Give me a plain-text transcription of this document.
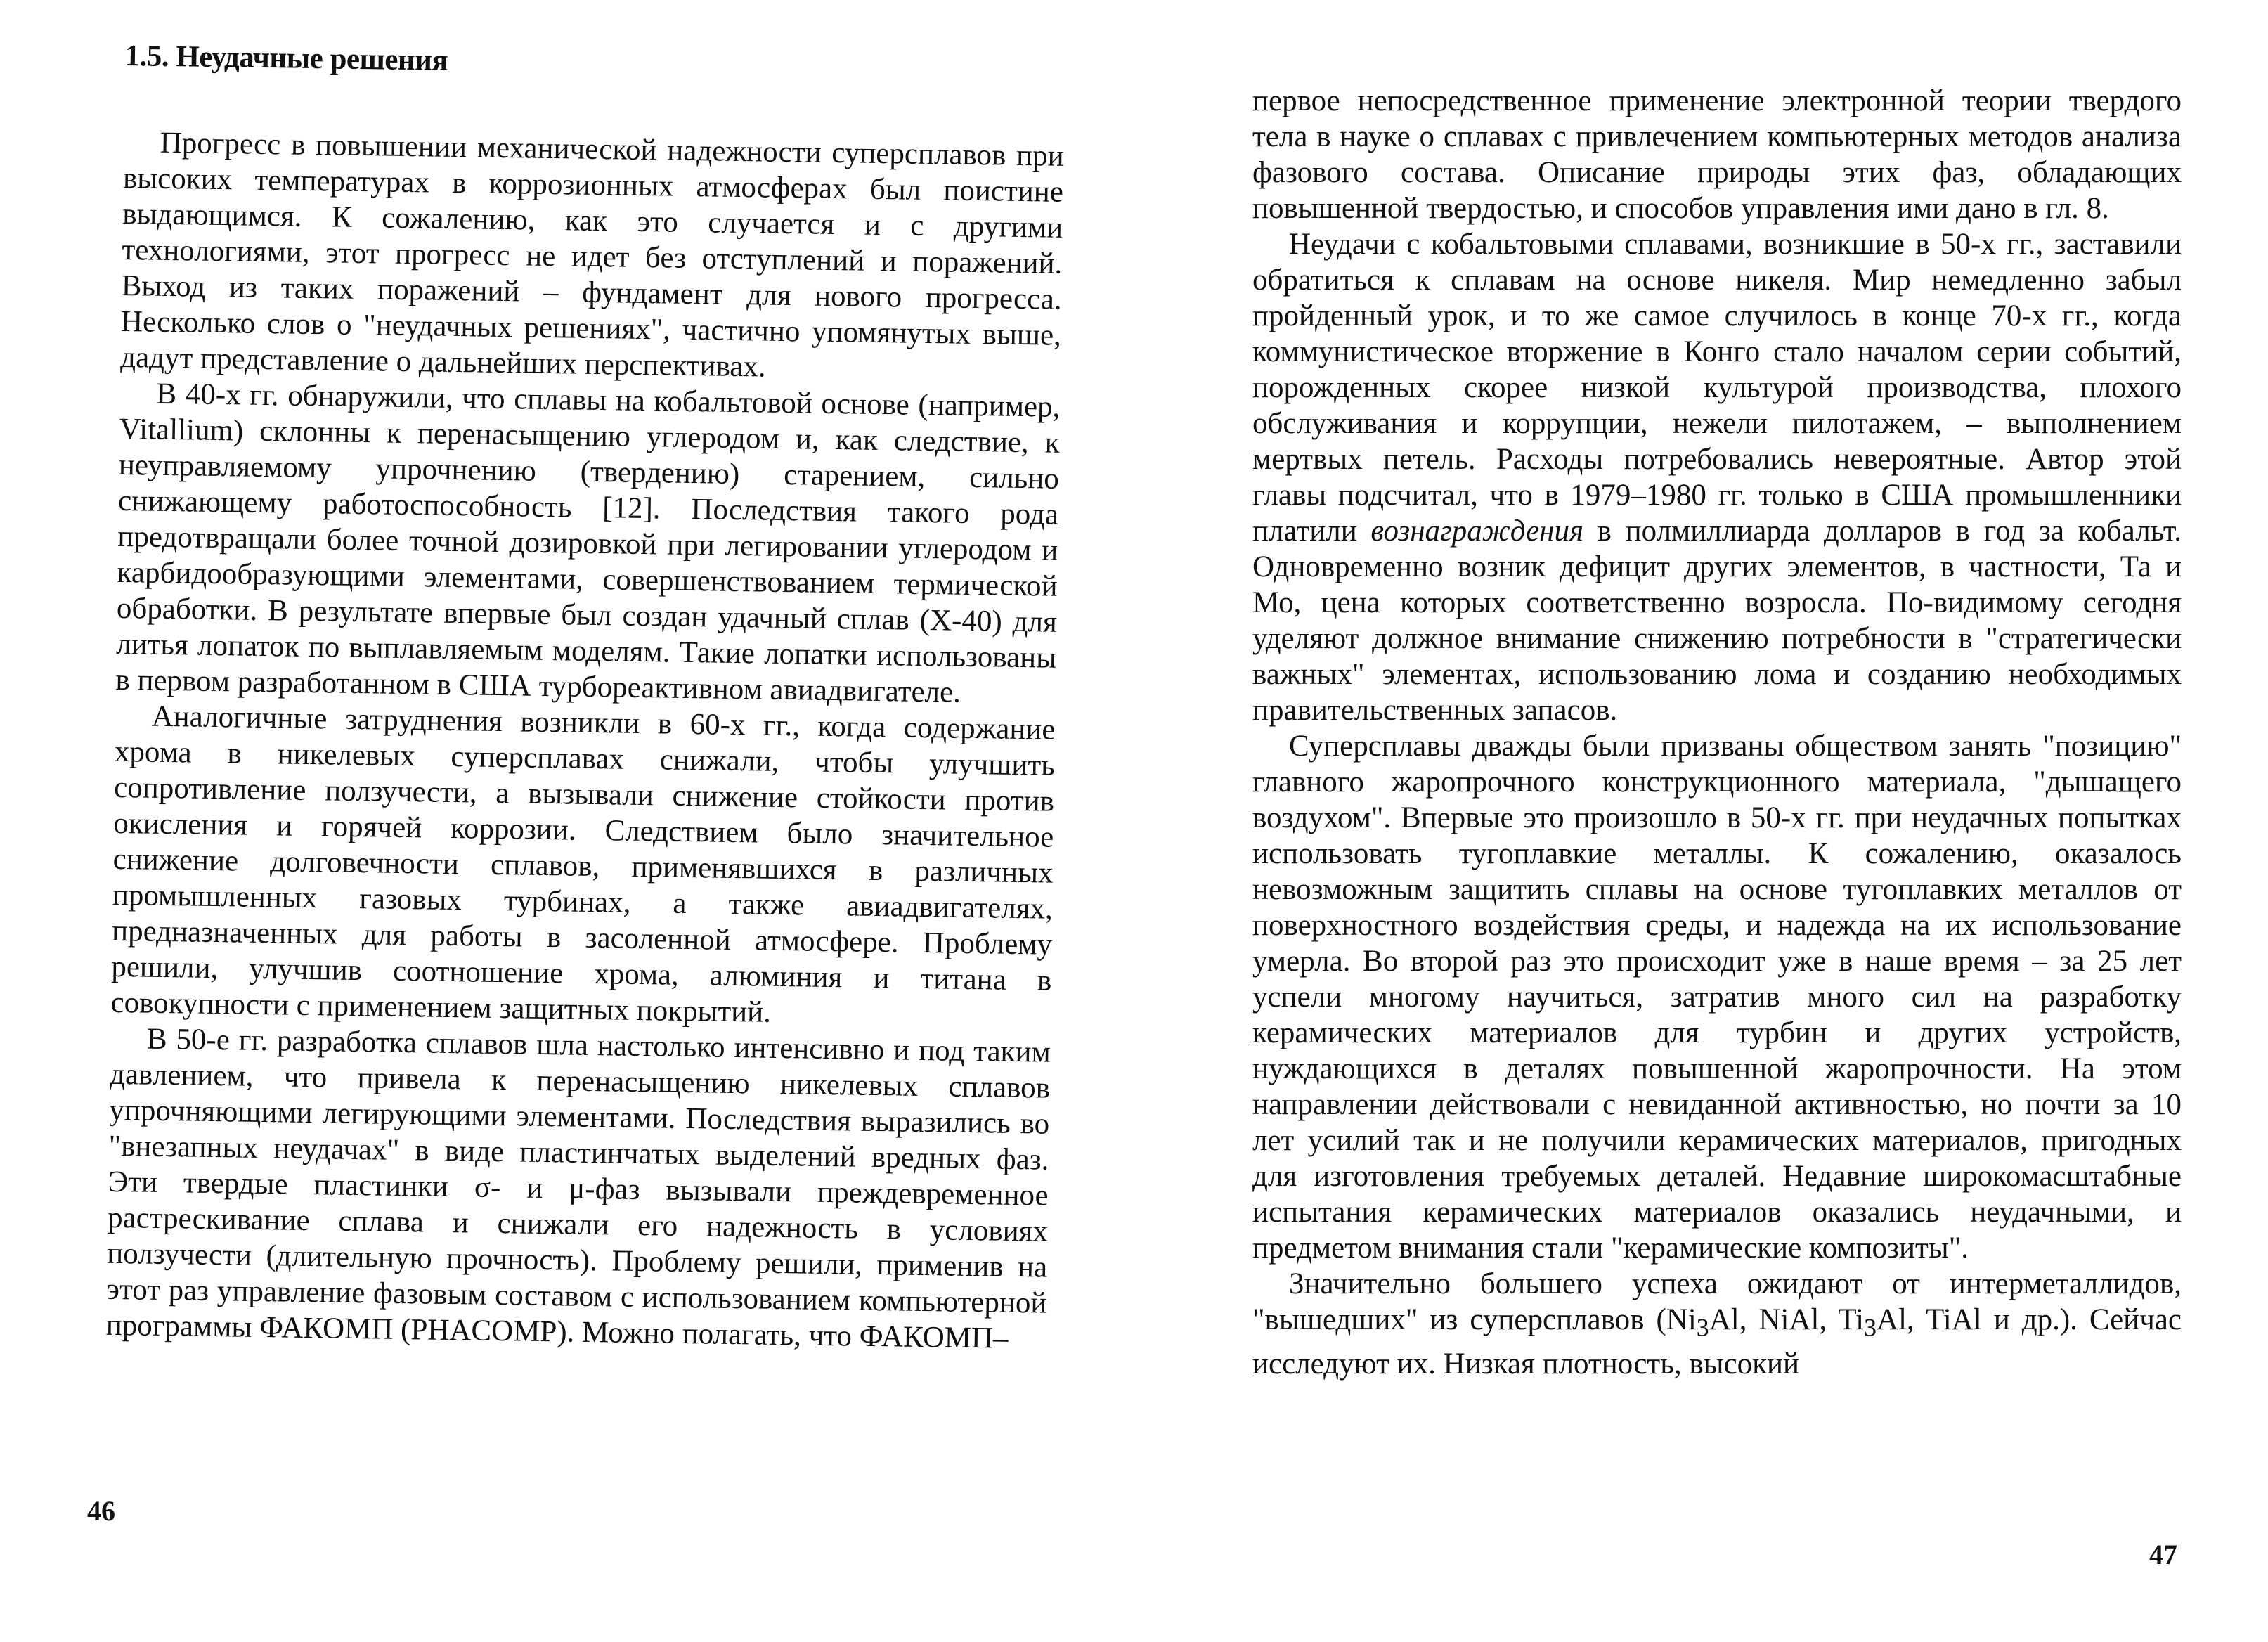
1.5. Неудачные решения

Прогресс в повышении механической надежности суперсплавов при высоких температурах в коррозионных атмосферах был поистине выдающимся. К сожалению, как это случается и с другими технологиями, этот прогресс не идет без отступлений и поражений. Выход из таких поражений – фундамент для нового прогресса. Несколько слов о "неудачных решениях", частично упомянутых выше, дадут представление о дальнейших перспективах.

В 40-х гг. обнаружили, что сплавы на кобальтовой основе (например, Vitallium) склонны к перенасыщению углеродом и, как следствие, к неуправляемому упрочнению (твердению) старением, сильно снижающему работоспособность [12]. Последствия такого рода предотвращали более точной дозировкой при легировании углеродом и карбидообразующими элементами, совершенствованием термической обработки. В результате впервые был создан удачный сплав (Х-40) для литья лопаток по выплавляемым моделям. Такие лопатки использованы в первом разработанном в США турбореактивном авиадвигателе.

Аналогичные затруднения возникли в 60-х гг., когда содержание хрома в никелевых суперсплавах снижали, чтобы улучшить сопротивление ползучести, а вызывали снижение стойкости против окисления и горячей коррозии. Следствием было значительное снижение долговечности сплавов, применявшихся в различных промышленных газовых турбинах, а также авиадвигателях, предназначенных для работы в засоленной атмосфере. Проблему решили, улучшив соотношение хрома, алюминия и титана в совокупности с применением защитных покрытий.

В 50-е гг. разработка сплавов шла настолько интенсивно и под таким давлением, что привела к перенасыщению никелевых сплавов упрочняющими легирующими элементами. Последствия выразились во "внезапных неудачах" в виде пластинчатых выделений вредных фаз. Эти твердые пластинки σ- и μ-фаз вызывали преждевременное растрескивание сплава и снижали его надежность в условиях ползучести (длительную прочность). Проблему решили, применив на этот раз управление фазовым составом с использованием компьютерной программы ФАКОМП (PHACOMP). Можно полагать, что ФАКОМП–

46

первое непосредственное применение электронной теории твердого тела в науке о сплавах с привлечением компьютерных методов анализа фазового состава. Описание природы этих фаз, обладающих повышенной твердостью, и способов управления ими дано в гл. 8.

Неудачи с кобальтовыми сплавами, возникшие в 50-х гг., заставили обратиться к сплавам на основе никеля. Мир немедленно забыл пройденный урок, и то же самое случилось в конце 70-х гг., когда коммунистическое вторжение в Конго стало началом серии событий, порожденных скорее низкой культурой производства, плохого обслуживания и коррупции, нежели пилотажем, – выполнением мертвых петель. Расходы потребовались невероятные. Автор этой главы подсчитал, что в 1979–1980 гг. только в США промышленники платили вознаграждения в полмиллиарда долларов в год за кобальт. Одновременно возник дефицит других элементов, в частности, Та и Мо, цена которых соответственно возросла. По-видимому сегодня уделяют должное внимание снижению потребности в "стратегически важных" элементах, использованию лома и созданию необходимых правительственных запасов.

Суперсплавы дважды были призваны обществом занять "позицию" главного жаропрочного конструкционного материала, "дышащего воздухом". Впервые это произошло в 50-х гг. при неудачных попытках использовать тугоплавкие металлы. К сожалению, оказалось невозможным защитить сплавы на основе тугоплавких металлов от поверхностного воздействия среды, и надежда на их использование умерла. Во второй раз это происходит уже в наше время – за 25 лет успели многому научиться, затратив много сил на разработку керамических материалов для турбин и других устройств, нуждающихся в деталях повышенной жаропрочности. На этом направлении действовали с невиданной активностью, но почти за 10 лет усилий так и не получили керамических материалов, пригодных для изготовления требуемых деталей. Недавние широкомасштабные испытания керамических материалов оказались неудачными, и предметом внимания стали "керамические композиты".

Значительно большего успеха ожидают от интерметаллидов, "вышедших" из суперсплавов ($Ni_3Al$, NiAl, $Ti_3Al$, TiAl и др.). Сейчас исследуют их. Низкая плотность, высокий

47
